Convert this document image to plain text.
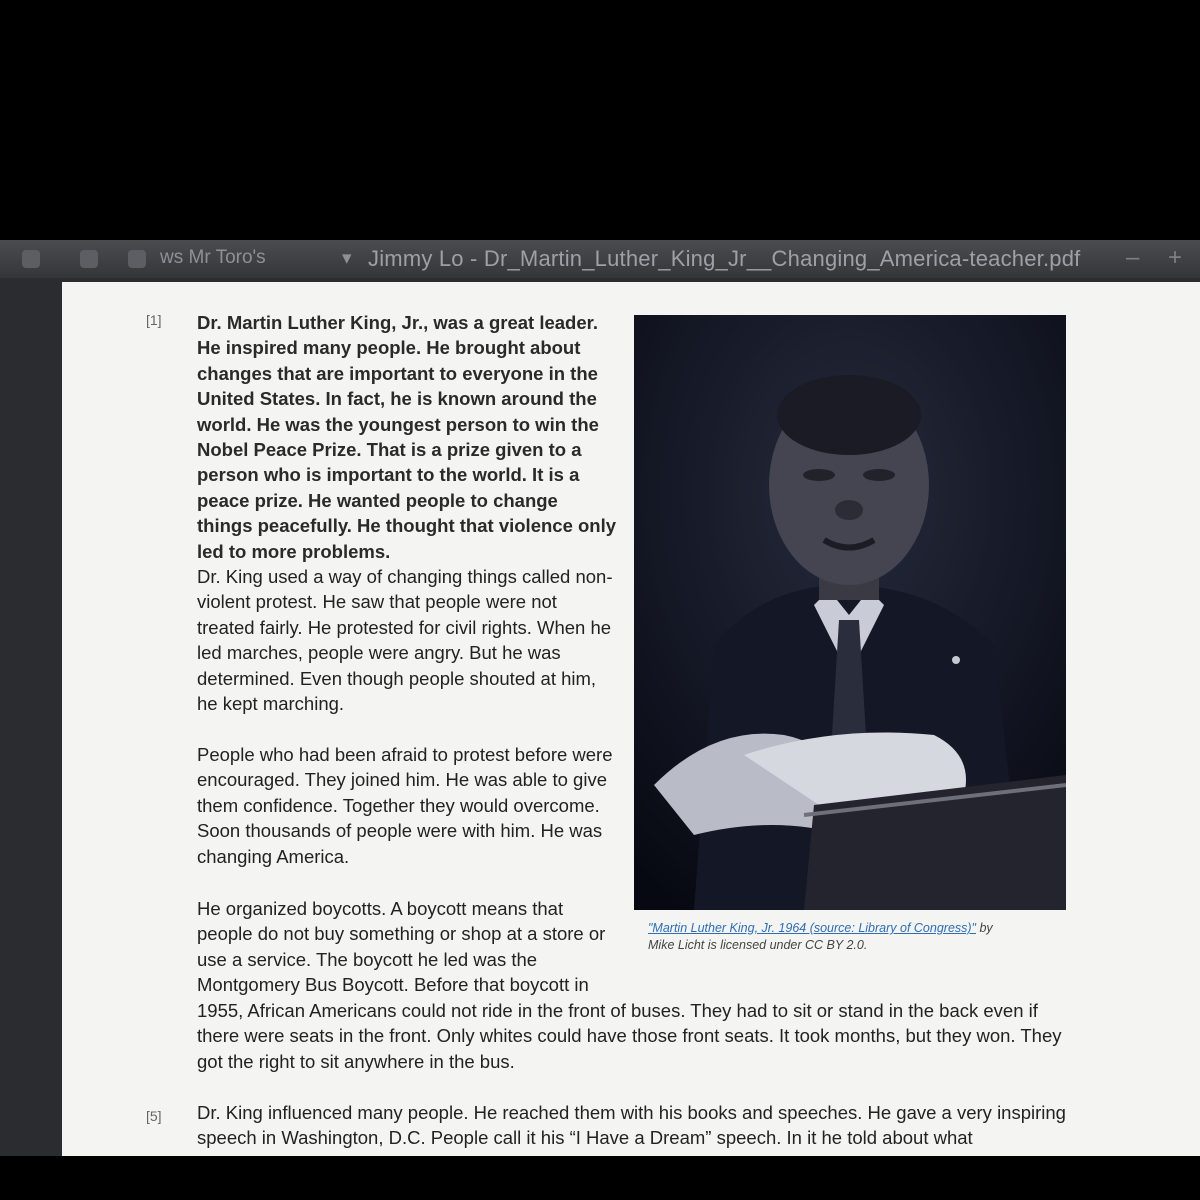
ws Mr Toro's	▾ Jimmy Lo - Dr_Martin_Luther_King_Jr__Changing_America-teacher.pdf – +
[1] Dr. Martin Luther King, Jr., was a great leader. He inspired many people. He brought about changes that are important to everyone in the United States. In fact, he is known around the world. He was the youngest person to win the Nobel Peace Prize. That is a prize given to a person who is important to the world. It is a peace prize. He wanted people to change things peacefully. He thought that violence only led to more problems.

Dr. King used a way of changing things called non-violent protest. He saw that people were not treated fairly. He protested for civil rights. When he led marches, people were angry. But he was determined. Even though people shouted at him, he kept marching.

People who had been afraid to protest before were encouraged. They joined him. He was able to give them confidence. Together they would overcome. Soon thousands of people were with him. He was changing America.

He organized boycotts. A boycott means that people do not buy something or shop at a store or use a service. The boycott he led was the Montgomery Bus Boycott. Before that boycott in

1955, African Americans could not ride in the front of buses. They had to sit or stand in the back even if there were seats in the front. Only whites could have those front seats. It took months, but they won. They got the right to sit anywhere in the bus.

[5] Dr. King influenced many people. He reached them with his books and speeches. He gave a very inspiring speech in Washington, D.C. People call it his “I Have a Dream” speech. In it he told about what

"Martin Luther King, Jr. 1964 (source: Library of Congress)" by
Mike Licht is licensed under CC BY 2.0.
